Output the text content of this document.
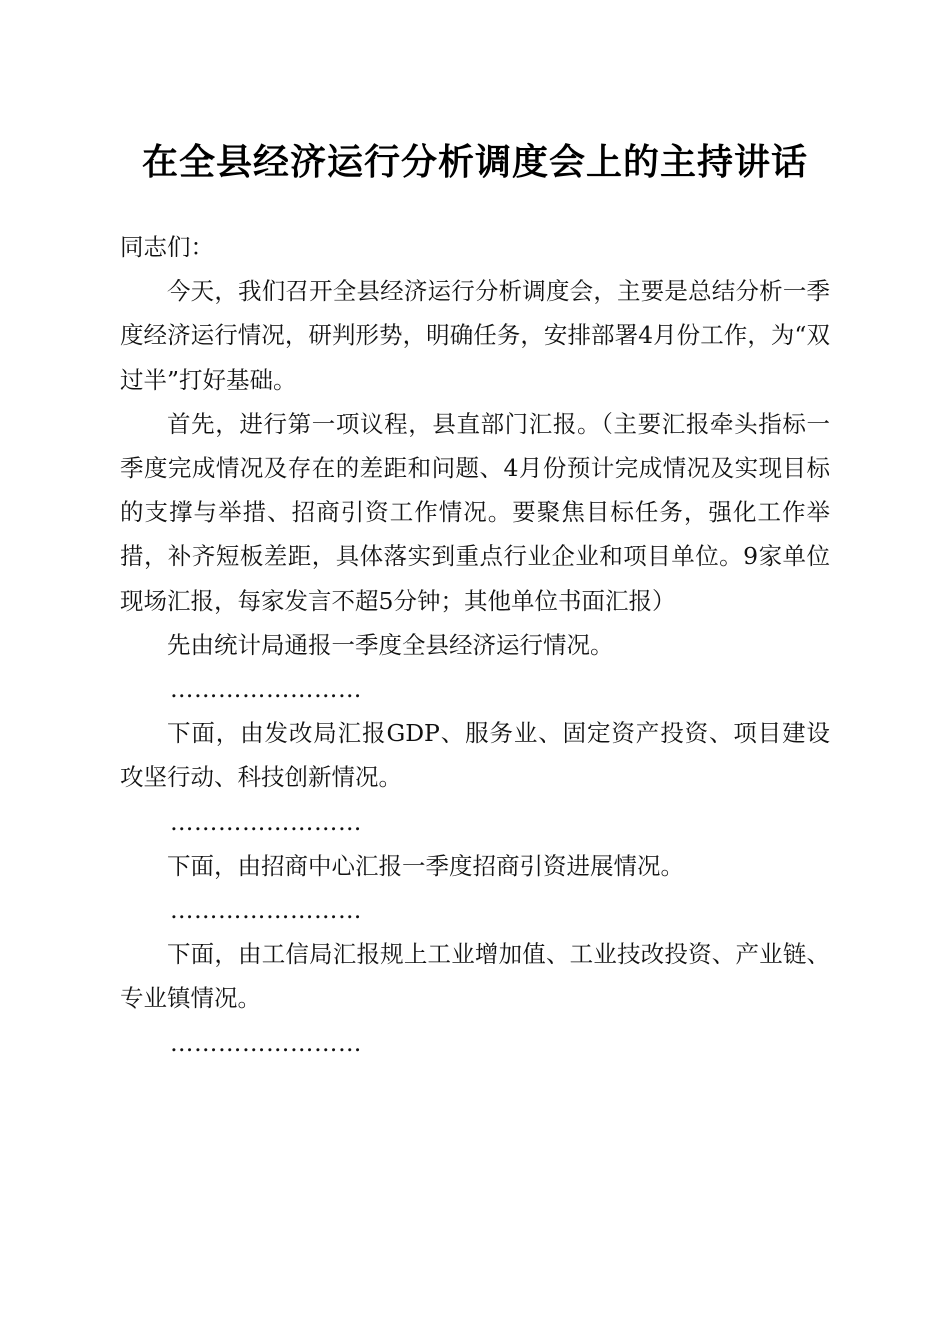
在全县经济运行分析调度会上的主持讲话

同志们：

今天，我们召开全县经济运行分析调度会，主要是总结分析一季度经济运行情况，研判形势，明确任务，安排部署4月份工作，为“双过半”打好基础。

首先，进行第一项议程，县直部门汇报。（主要汇报牵头指标一季度完成情况及存在的差距和问题、4月份预计完成情况及实现目标的支撑与举措、招商引资工作情况。要聚焦目标任务，强化工作举措，补齐短板差距，具体落实到重点行业企业和项目单位。9家单位现场汇报，每家发言不超5分钟；其他单位书面汇报）

先由统计局通报一季度全县经济运行情况。

……………………

下面，由发改局汇报GDP、服务业、固定资产投资、项目建设攻坚行动、科技创新情况。

……………………

下面，由招商中心汇报一季度招商引资进展情况。

……………………

下面，由工信局汇报规上工业增加值、工业技改投资、产业链、专业镇情况。

……………………
